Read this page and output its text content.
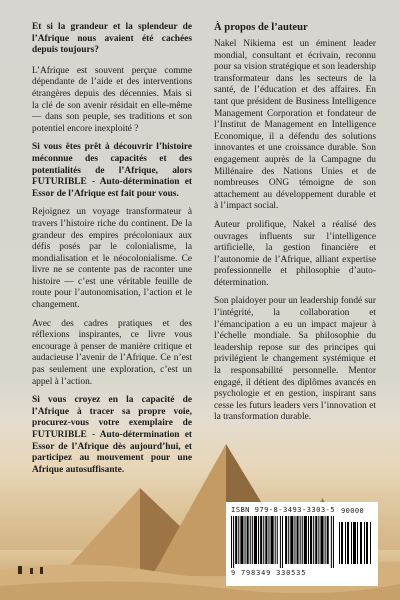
Et si la grandeur et la splendeur de l’Afrique nous avaient été cachées depuis toujours?

L’Afrique est souvent perçue comme dépendante de l’aide et des interventions étrangères depuis des décennies. Mais si la clé de son avenir résidait en elle-même — dans son peuple, ses traditions et son potentiel encore inexploité ?

Si vous êtes prêt à découvrir l’histoire méconnue des capacités et des potentialités de l’Afrique, alors FUTURIBLE - Auto-détermination et Essor de l’Afrique est fait pour vous.

Rejoignez un voyage transformateur à travers l’histoire riche du continent. De la grandeur des empires précoloniaux aux défis posés par le colonialisme, la mondialisation et le néocolonialisme. Ce livre ne se contente pas de raconter une histoire — c’est une véritable feuille de route pour l’autonomisation, l’action et le changement.

Avec des cadres pratiques et des réflexions inspirantes, ce livre vous encourage à penser de manière critique et audacieuse l’avenir de l’Afrique. Ce n’est pas seulement une exploration, c’est un appel à l’action.

Si vous croyez en la capacité de l’Afrique à tracer sa propre voie, procurez-vous votre exemplaire de FUTURIBLE - Auto-détermination et Essor de l’Afrique dès aujourd’hui, et participez au mouvement pour une Afrique autosuffisante.

À propos de l’auteur

Nakel Nikiema est un éminent leader mondial, consultant et écrivain, reconnu pour sa vision stratégique et son leadership transformateur dans les secteurs de la santé, de l’éducation et des affaires. En tant que président de Business Intelligence Management Corporation et fondateur de l’Institut de Management en Intelligence Economique, il a défendu des solutions innovantes et une croissance durable. Son engagement auprès de la Campagne du Millénaire des Nations Unies et de nombreuses ONG témoigne de son attachement au développement durable et à l’impact social.

Auteur prolifique, Nakel a réalisé des ouvrages influents sur l’intelligence artificielle, la gestion financière et l’autonomie de l’Afrique, alliant expertise professionnelle et philosophie d’auto-détermination.

Son plaidoyer pour un leadership fondé sur l’intégrité, la collaboration et l’émancipation a eu un impact majeur à l’échelle mondiale. Sa philosophie du leadership repose sur des principes qui privilégient le changement systémique et la responsabilité personnelle. Mentor engagé, il détient des diplômes avancés en psychologie et en gestion, inspirant sans cesse les futurs leaders vers l’innovation et la transformation durable.

ISBN 979-8-3493-3303-5 90000
9 798349 330535
